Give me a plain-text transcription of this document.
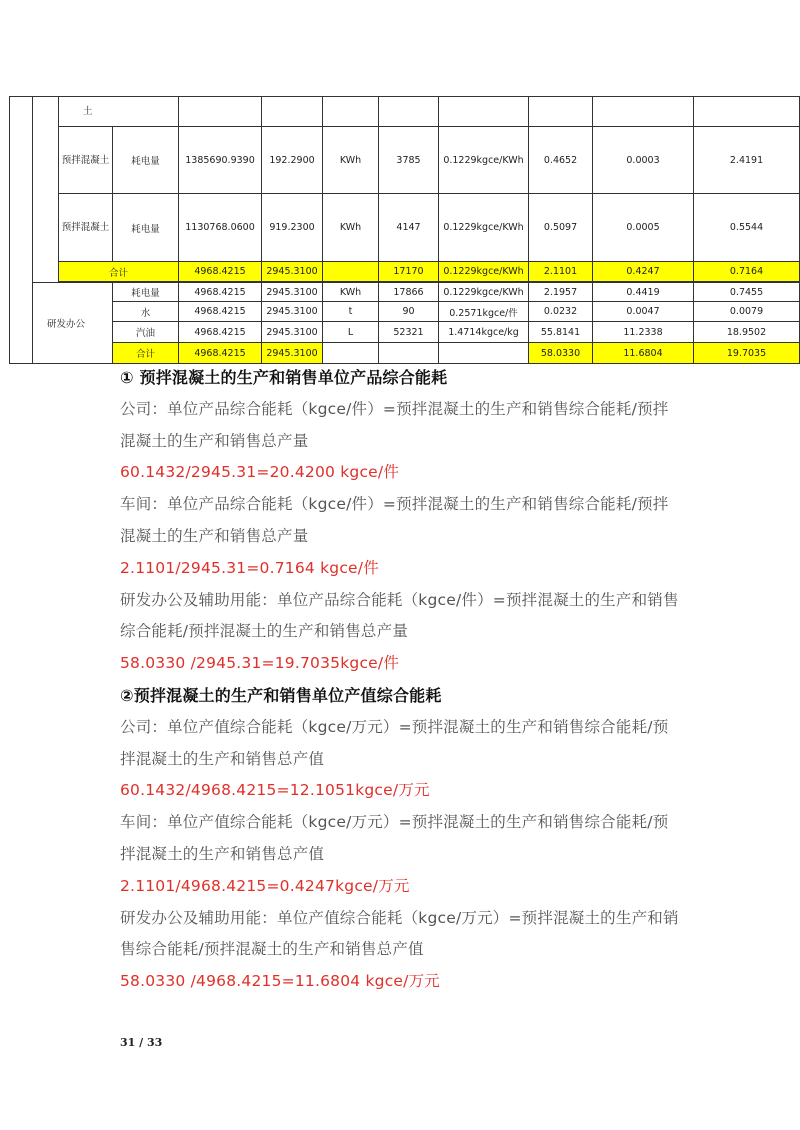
		土									
		预拌混凝土	耗电量	1385690.9390	192.2900	KWh	3785	0.1229kgce/KWh	0.4652	0.0003	2.4191
		预拌混凝土	耗电量	1130768.0600	919.2300	KWh	4147	0.1229kgce/KWh	0.5097	0.0005	0.5544
		合计		4968.4215	2945.3100		17170	0.1229kgce/KWh	2.1101	0.4247	0.7164

	研发办公		耗电量	4968.4215	2945.3100	KWh	17866	0.1229kgce/KWh	2.1957	0.4419	0.7455
			水	4968.4215	2945.3100	t	90	0.2571kgce/件	0.0232	0.0047	0.0079
			汽油	4968.4215	2945.3100	L	52321	1.4714kgce/kg	55.8141	11.2338	18.9502
			合计	4968.4215	2945.3100				58.0330	11.6804	19.7035
① 预拌混凝土的生产和销售单位产品综合能耗
公司：单位产品综合能耗（kgce/件）=预拌混凝土的生产和销售综合能耗/预拌
混凝土的生产和销售总产量
60.1432/2945.31=20.4200 kgce/件
车间：单位产品综合能耗（kgce/件）=预拌混凝土的生产和销售综合能耗/预拌
混凝土的生产和销售总产量
2.1101/2945.31=0.7164 kgce/件
研发办公及辅助用能：单位产品综合能耗（kgce/件）=预拌混凝土的生产和销售
综合能耗/预拌混凝土的生产和销售总产量
58.0330 /2945.31=19.7035kgce/件
②预拌混凝土的生产和销售单位产值综合能耗
公司：单位产值综合能耗（kgce/万元）=预拌混凝土的生产和销售综合能耗/预
拌混凝土的生产和销售总产值
60.1432/4968.4215=12.1051kgce/万元
车间：单位产值综合能耗（kgce/万元）=预拌混凝土的生产和销售综合能耗/预
拌混凝土的生产和销售总产值
2.1101/4968.4215=0.4247kgce/万元
研发办公及辅助用能：单位产值综合能耗（kgce/万元）=预拌混凝土的生产和销
售综合能耗/预拌混凝土的生产和销售总产值
58.0330 /4968.4215=11.6804 kgce/万元
31 / 33
